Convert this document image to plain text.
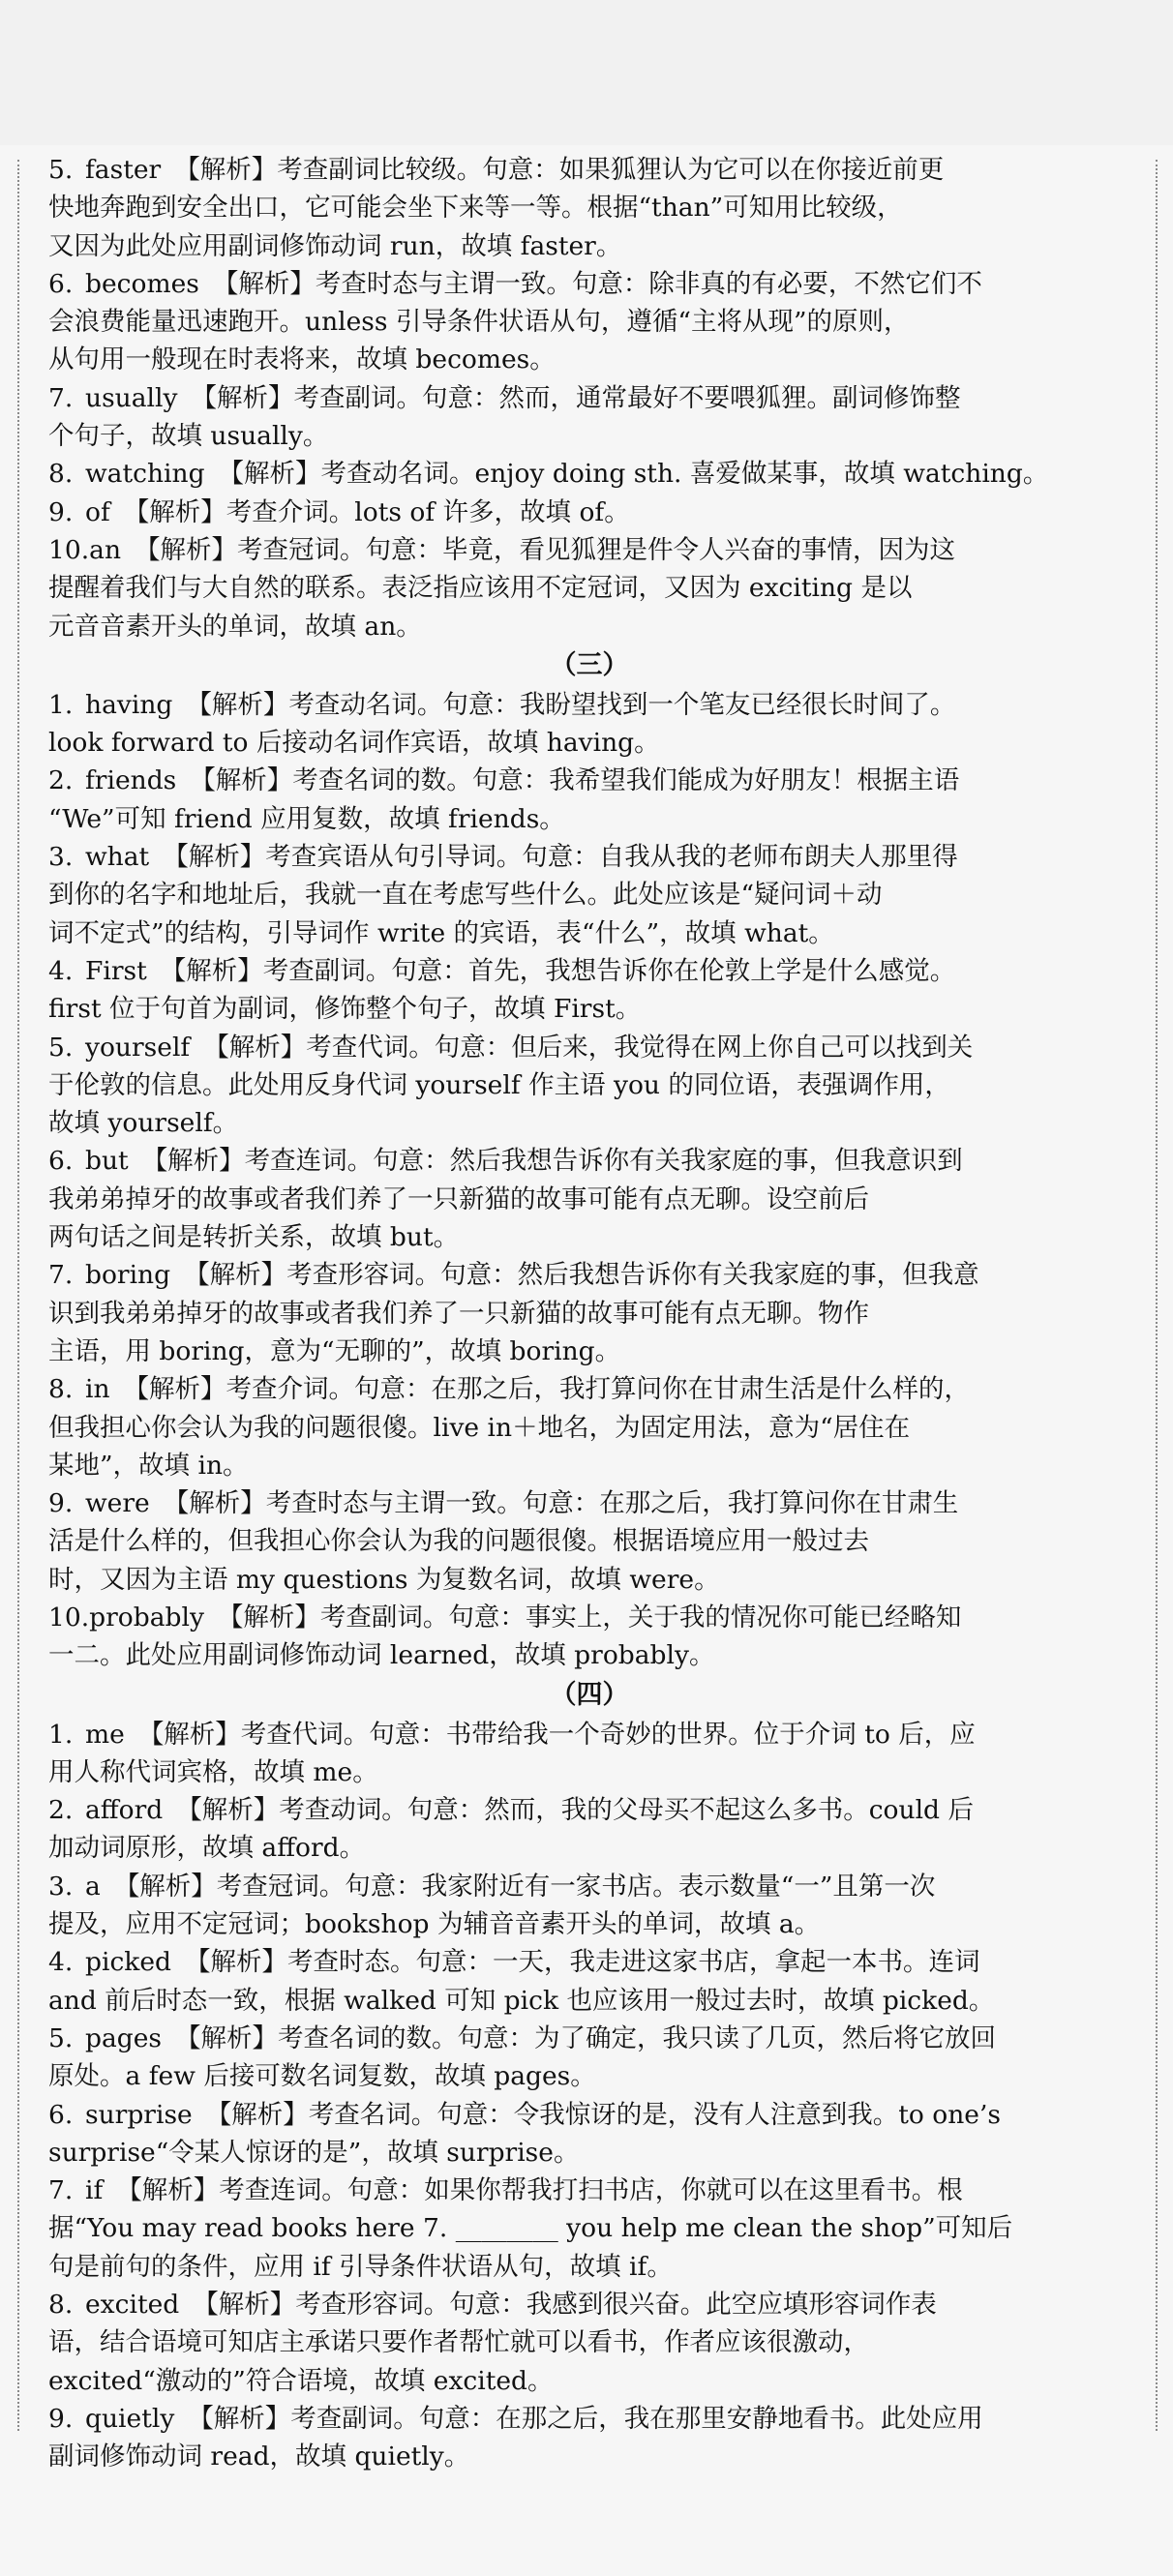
5. faster 【解析】考查副词比较级。句意：如果狐狸认为它可以在你接近前更
快地奔跑到安全出口，它可能会坐下来等一等。根据“than”可知用比较级，
又因为此处应用副词修饰动词 run，故填 faster。
6. becomes 【解析】考查时态与主谓一致。句意：除非真的有必要，不然它们不
会浪费能量迅速跑开。unless 引导条件状语从句，遵循“主将从现”的原则，
从句用一般现在时表将来，故填 becomes。
7. usually 【解析】考查副词。句意：然而，通常最好不要喂狐狸。副词修饰整
个句子，故填 usually。
8. watching 【解析】考查动名词。enjoy doing sth. 喜爱做某事，故填 watching。
9. of 【解析】考查介词。lots of 许多，故填 of。
10.an 【解析】考查冠词。句意：毕竟，看见狐狸是件令人兴奋的事情，因为这
提醒着我们与大自然的联系。表泛指应该用不定冠词，又因为 exciting 是以
元音音素开头的单词，故填 an。
（三）
1. having 【解析】考查动名词。句意：我盼望找到一个笔友已经很长时间了。
look forward to 后接动名词作宾语，故填 having。
2. friends 【解析】考查名词的数。句意：我希望我们能成为好朋友！根据主语
“We”可知 friend 应用复数，故填 friends。
3. what 【解析】考查宾语从句引导词。句意：自我从我的老师布朗夫人那里得
到你的名字和地址后，我就一直在考虑写些什么。此处应该是“疑问词＋动
词不定式”的结构，引导词作 write 的宾语，表“什么”，故填 what。
4. First 【解析】考查副词。句意：首先，我想告诉你在伦敦上学是什么感觉。
first 位于句首为副词，修饰整个句子，故填 First。
5. yourself 【解析】考查代词。句意：但后来，我觉得在网上你自己可以找到关
于伦敦的信息。此处用反身代词 yourself 作主语 you 的同位语，表强调作用，
故填 yourself。
6. but 【解析】考查连词。句意：然后我想告诉你有关我家庭的事，但我意识到
我弟弟掉牙的故事或者我们养了一只新猫的故事可能有点无聊。设空前后
两句话之间是转折关系，故填 but。
7. boring 【解析】考查形容词。句意：然后我想告诉你有关我家庭的事，但我意
识到我弟弟掉牙的故事或者我们养了一只新猫的故事可能有点无聊。物作
主语，用 boring，意为“无聊的”，故填 boring。
8. in 【解析】考查介词。句意：在那之后，我打算问你在甘肃生活是什么样的，
但我担心你会认为我的问题很傻。live in＋地名，为固定用法，意为“居住在
某地”，故填 in。
9. were 【解析】考查时态与主谓一致。句意：在那之后，我打算问你在甘肃生
活是什么样的，但我担心你会认为我的问题很傻。根据语境应用一般过去
时，又因为主语 my questions 为复数名词，故填 were。
10.probably 【解析】考查副词。句意：事实上，关于我的情况你可能已经略知
一二。此处应用副词修饰动词 learned，故填 probably。
（四）
1. me 【解析】考查代词。句意：书带给我一个奇妙的世界。位于介词 to 后，应
用人称代词宾格，故填 me。
2. afford 【解析】考查动词。句意：然而，我的父母买不起这么多书。could 后
加动词原形，故填 afford。
3. a 【解析】考查冠词。句意：我家附近有一家书店。表示数量“一”且第一次
提及，应用不定冠词；bookshop 为辅音音素开头的单词，故填 a。
4. picked 【解析】考查时态。句意：一天，我走进这家书店，拿起一本书。连词
and 前后时态一致，根据 walked 可知 pick 也应该用一般过去时，故填 picked。
5. pages 【解析】考查名词的数。句意：为了确定，我只读了几页，然后将它放回
原处。a few 后接可数名词复数，故填 pages。
6. surprise 【解析】考查名词。句意：令我惊讶的是，没有人注意到我。to one’s
surprise“令某人惊讶的是”，故填 surprise。
7. if 【解析】考查连词。句意：如果你帮我打扫书店，你就可以在这里看书。根
据“You may read books here 7. ________ you help me clean the shop”可知后
句是前句的条件，应用 if 引导条件状语从句，故填 if。
8. excited 【解析】考查形容词。句意：我感到很兴奋。此空应填形容词作表
语，结合语境可知店主承诺只要作者帮忙就可以看书，作者应该很激动，
excited“激动的”符合语境，故填 excited。
9. quietly 【解析】考查副词。句意：在那之后，我在那里安静地看书。此处应用
副词修饰动词 read，故填 quietly。
